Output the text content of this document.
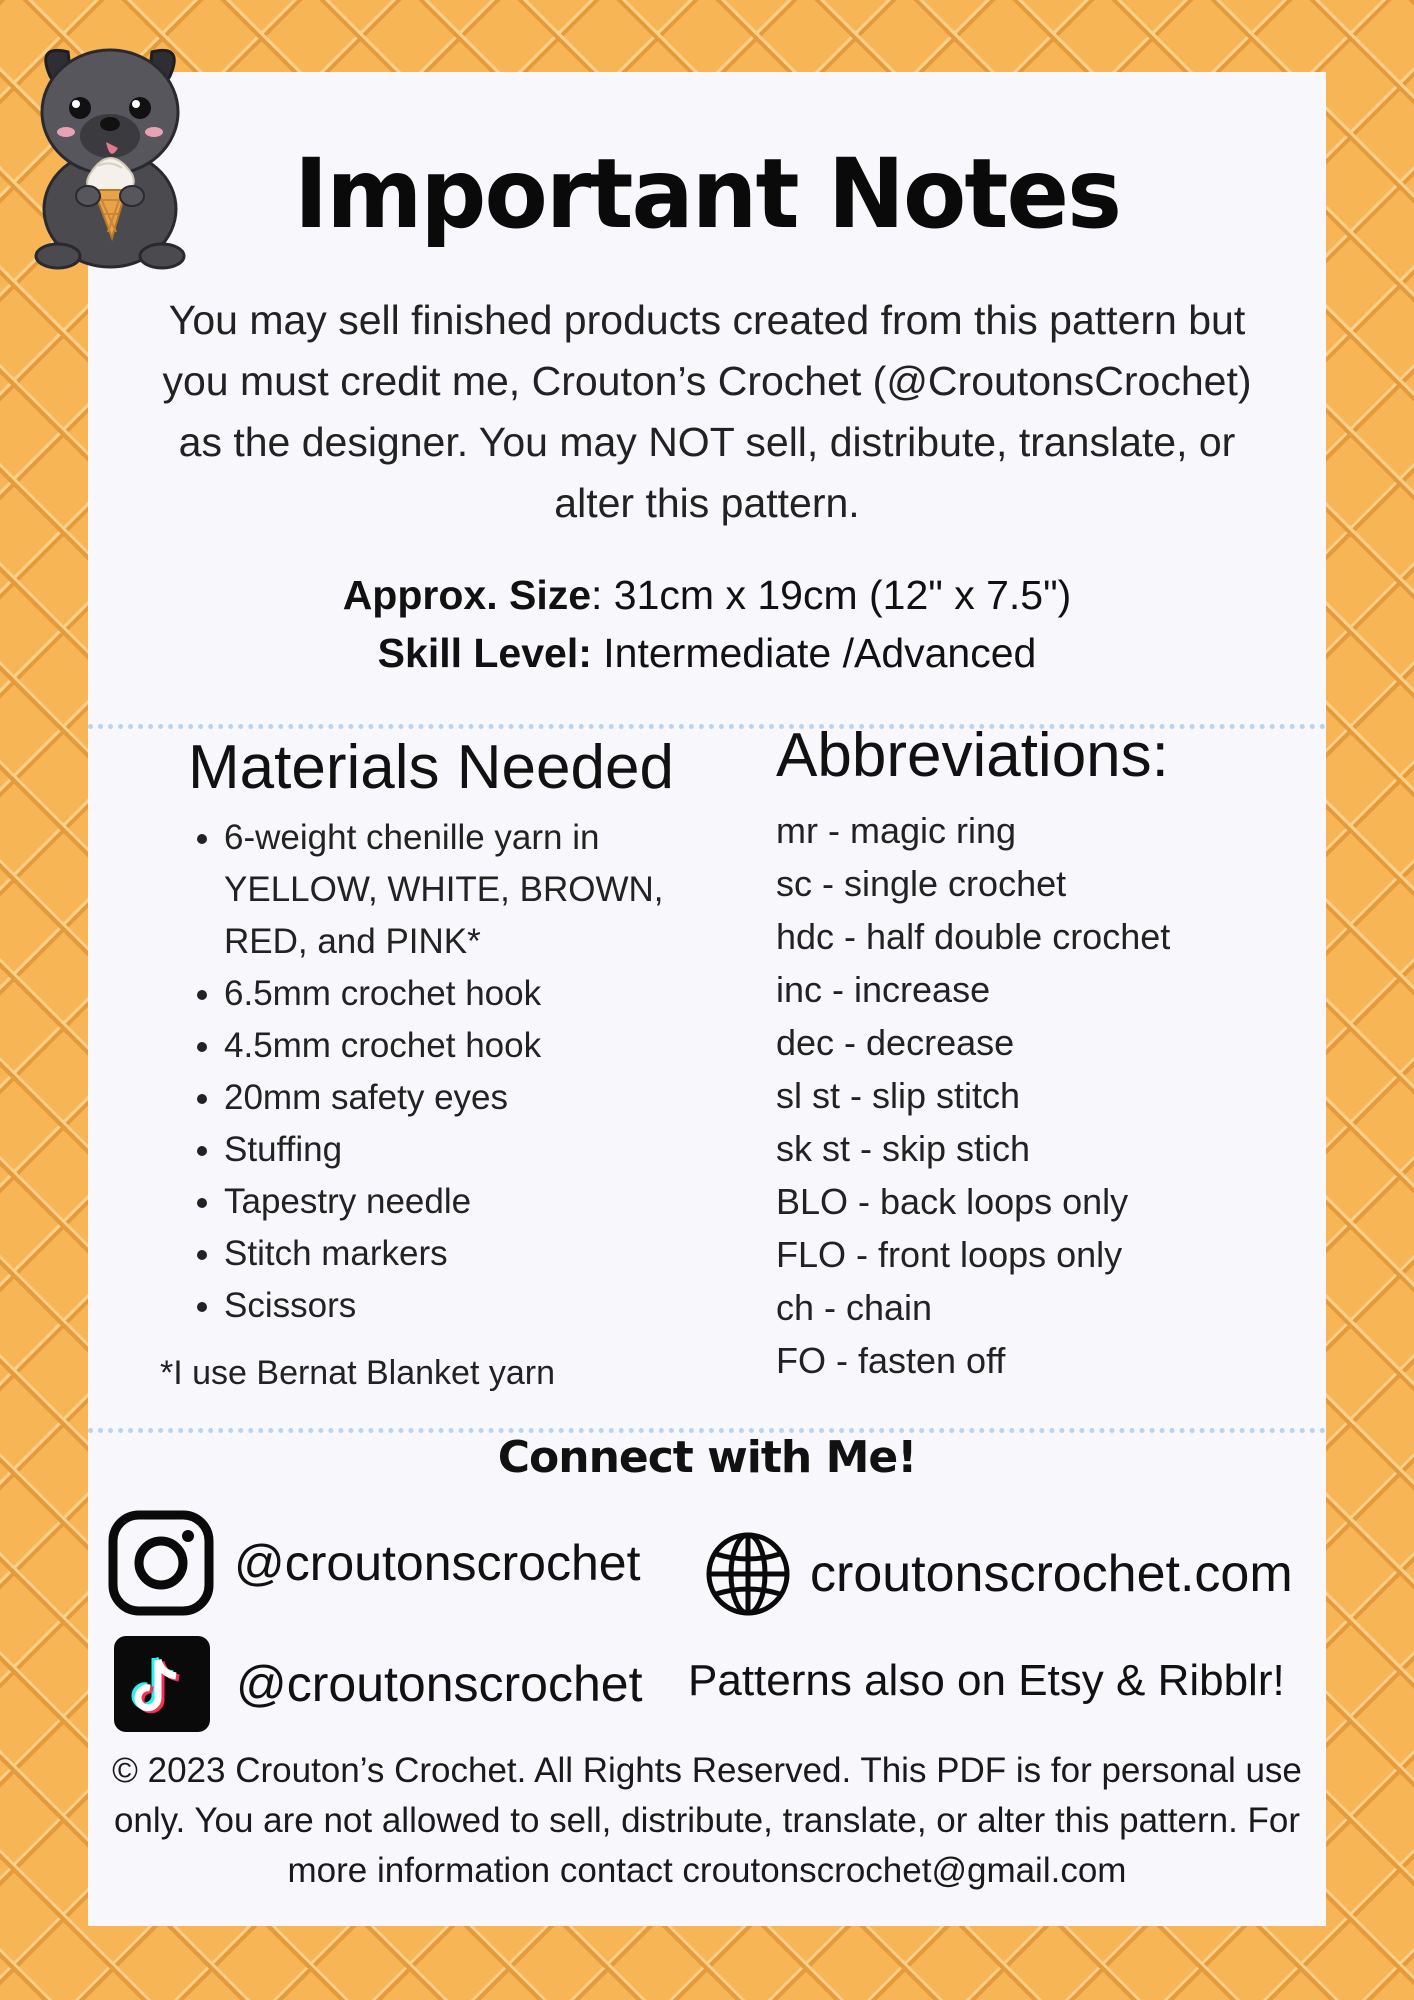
Important Notes
You may sell finished products created from this pattern but you must credit me, Crouton’s Crochet (@CroutonsCrochet) as the designer. You may NOT sell, distribute, translate, or alter this pattern.
Approx. Size: 31cm x 19cm (12" x 7.5")
Skill Level: Intermediate /Advanced
Materials Needed
• 6-weight chenille yarn in YELLOW, WHITE, BROWN, RED, and PINK*
• 6.5mm crochet hook
• 4.5mm crochet hook
• 20mm safety eyes
• Stuffing
• Tapestry needle
• Stitch markers
• Scissors
*I use Bernat Blanket yarn
Abbreviations:
mr - magic ring
sc - single crochet
hdc - half double crochet
inc - increase
dec - decrease
sl st - slip stitch
sk st - skip stich
BLO - back loops only
FLO - front loops only
ch - chain
FO - fasten off
Connect with Me!
@croutonscrochet	croutonscrochet.com
@croutonscrochet Patterns also on Etsy & Ribblr!
© 2023 Crouton’s Crochet. All Rights Reserved. This PDF is for personal use only. You are not allowed to sell, distribute, translate, or alter this pattern. For more information contact croutonscrochet@gmail.com
